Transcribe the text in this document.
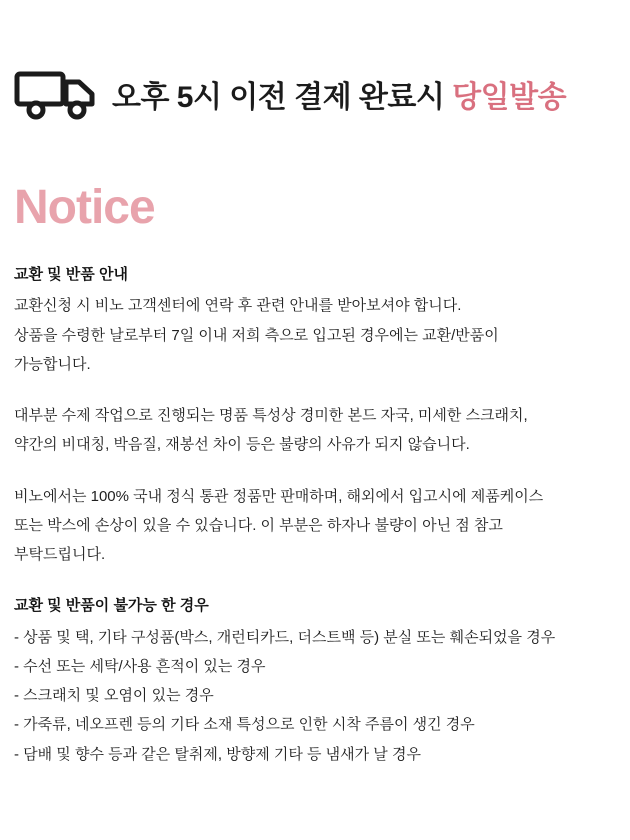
오후 5시 이전 결제 완료시 당일발송
Notice
교환 및 반품 안내

교환신청 시 비노 고객센터에 연락 후 관련 안내를 받아보셔야 합니다.

상품을 수령한 날로부터 7일 이내 저희 측으로 입고된 경우에는 교환/반품이

가능합니다.

대부분 수제 작업으로 진행되는 명품 특성상 경미한 본드 자국, 미세한 스크래치,

약간의 비대칭, 박음질, 재봉선 차이 등은 불량의 사유가 되지 않습니다.

비노에서는 100% 국내 정식 통관 정품만 판매하며, 해외에서 입고시에 제품케이스

또는 박스에 손상이 있을 수 있습니다. 이 부분은 하자나 불량이 아닌 점 참고

부탁드립니다.

교환 및 반품이 불가능 한 경우
- 상품 및 택, 기타 구성품(박스, 개런티카드, 더스트백 등) 분실 또는 훼손되었을 경우
- 수선 또는 세탁/사용 흔적이 있는 경우
- 스크래치 및 오염이 있는 경우
- 가죽류, 네오프렌 등의 기타 소재 특성으로 인한 시착 주름이 생긴 경우
- 담배 및 향수 등과 같은 탈취제, 방향제 기타 등 냄새가 날 경우
